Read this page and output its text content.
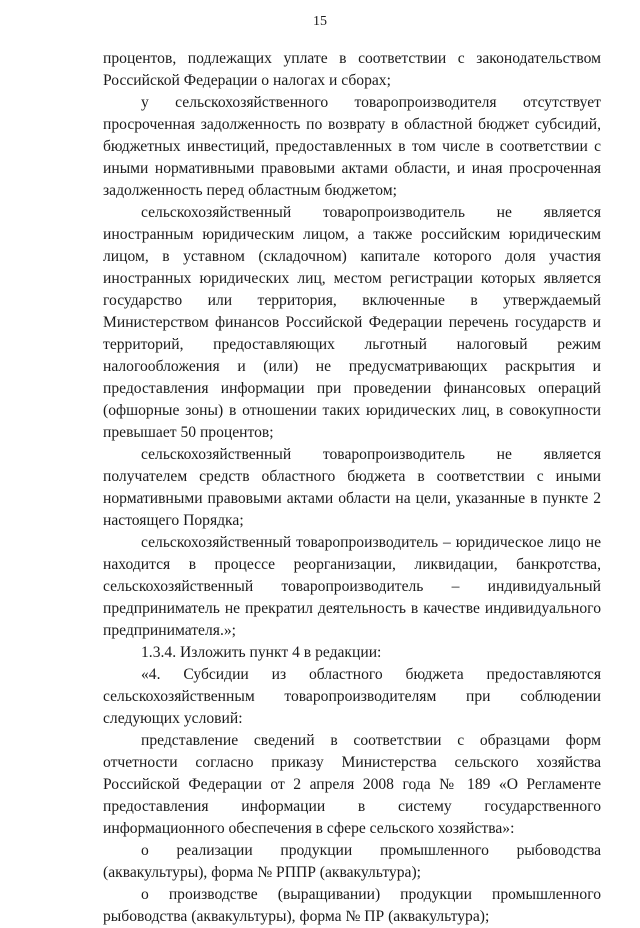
15

процентов, подлежащих уплате в соответствии с законодательством Российской Федерации о налогах и сборах;

у сельскохозяйственного товаропроизводителя отсутствует просроченная задолженность по возврату в областной бюджет субсидий, бюджетных инвестиций, предоставленных в том числе в соответствии с иными нормативными правовыми актами области, и иная просроченная задолженность перед областным бюджетом;

сельскохозяйственный товаропроизводитель не является иностранным юридическим лицом, а также российским юридическим лицом, в уставном (складочном) капитале которого доля участия иностранных юридических лиц, местом регистрации которых является государство или территория, включенные в утверждаемый Министерством финансов Российской Федерации перечень государств и территорий, предоставляющих льготный налоговый режим налогообложения и (или) не предусматривающих раскрытия и предоставления информации при проведении финансовых операций (офшорные зоны) в отношении таких юридических лиц, в совокупности превышает 50 процентов;

сельскохозяйственный товаропроизводитель не является получателем средств областного бюджета в соответствии с иными нормативными правовыми актами области на цели, указанные в пункте 2 настоящего Порядка;

сельскохозяйственный товаропроизводитель – юридическое лицо не находится в процессе реорганизации, ликвидации, банкротства, сельскохозяйственный товаропроизводитель – индивидуальный предприниматель не прекратил деятельность в качестве индивидуального предпринимателя.»;

1.3.4. Изложить пункт 4 в редакции:

«4. Субсидии из областного бюджета предоставляются сельскохозяйственным товаропроизводителям при соблюдении следующих условий:

представление сведений в соответствии с образцами форм отчетности согласно приказу Министерства сельского хозяйства Российской Федерации от 2 апреля 2008 года № 189 «О Регламенте предоставления информации в систему государственного информационного обеспечения в сфере сельского хозяйства»:

о реализации продукции промышленного рыбоводства (аквакультуры), форма № РППР (аквакультура);

о производстве (выращивании) продукции промышленного рыбоводства (аквакультуры), форма № ПР (аквакультура);
